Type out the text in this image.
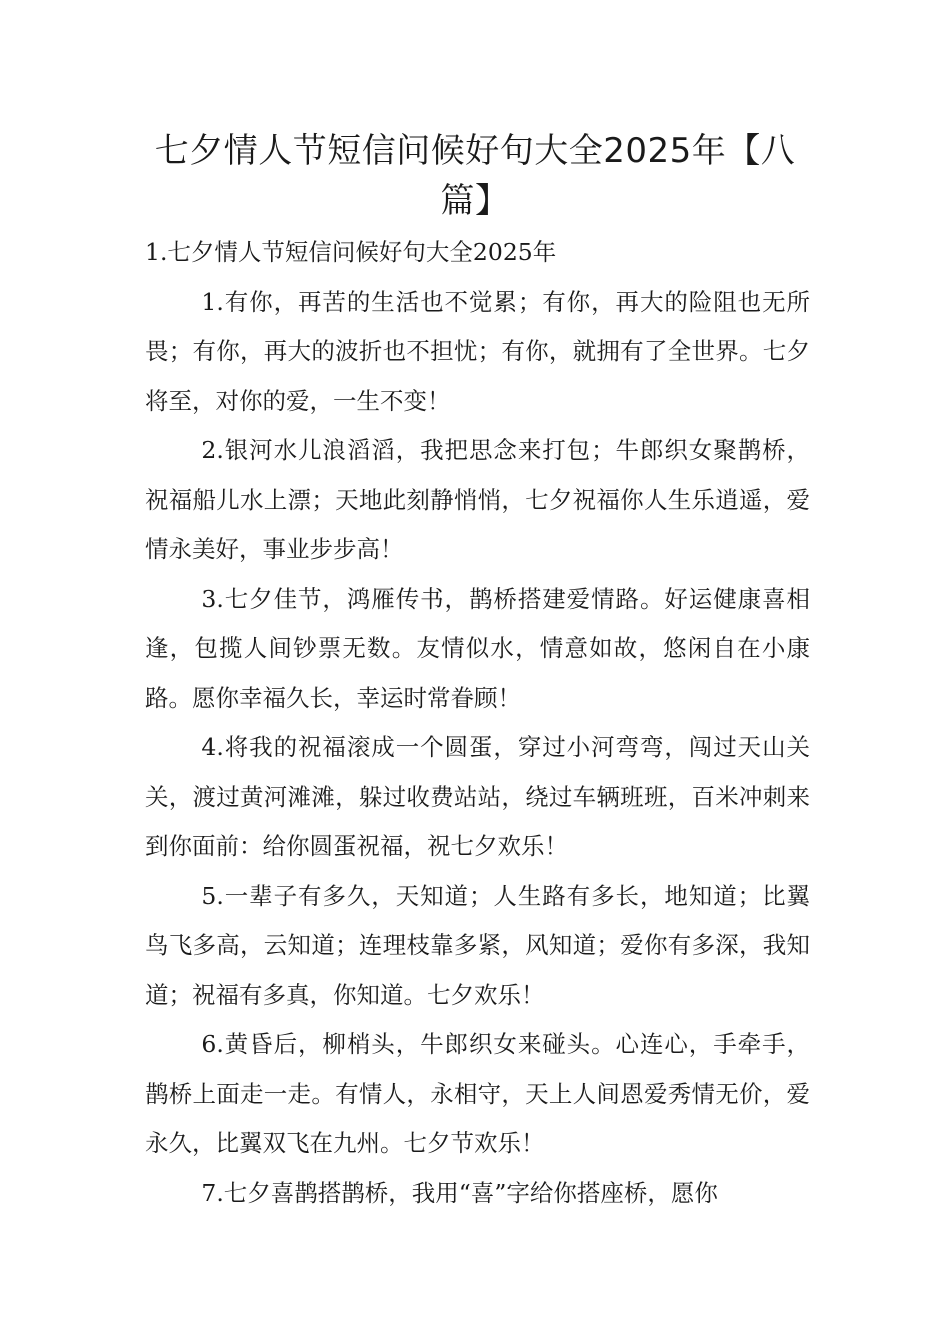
七夕情人节短信问候好句大全2025年【八篇】
1.七夕情人节短信问候好句大全2025年

1.有你，再苦的生活也不觉累；有你，再大的险阻也无所畏；有你，再大的波折也不担忧；有你，就拥有了全世界。七夕将至，对你的爱，一生不变！

2.银河水儿浪滔滔，我把思念来打包；牛郎织女聚鹊桥，祝福船儿水上漂；天地此刻静悄悄，七夕祝福你人生乐逍遥，爱情永美好，事业步步高！

3.七夕佳节，鸿雁传书，鹊桥搭建爱情路。好运健康喜相逢，包揽人间钞票无数。友情似水，情意如故，悠闲自在小康路。愿你幸福久长，幸运时常眷顾！

4.将我的祝福滚成一个圆蛋，穿过小河弯弯，闯过天山关关，渡过黄河滩滩，躲过收费站站，绕过车辆班班，百米冲刺来到你面前：给你圆蛋祝福，祝七夕欢乐！

5.一辈子有多久，天知道；人生路有多长，地知道；比翼鸟飞多高，云知道；连理枝靠多紧，风知道；爱你有多深，我知道；祝福有多真，你知道。七夕欢乐！

6.黄昏后，柳梢头，牛郎织女来碰头。心连心，手牵手，鹊桥上面走一走。有情人，永相守，天上人间恩爱秀情无价，爱永久，比翼双飞在九州。七夕节欢乐！

7.七夕喜鹊搭鹊桥，我用“喜”字给你搭座桥，愿你
